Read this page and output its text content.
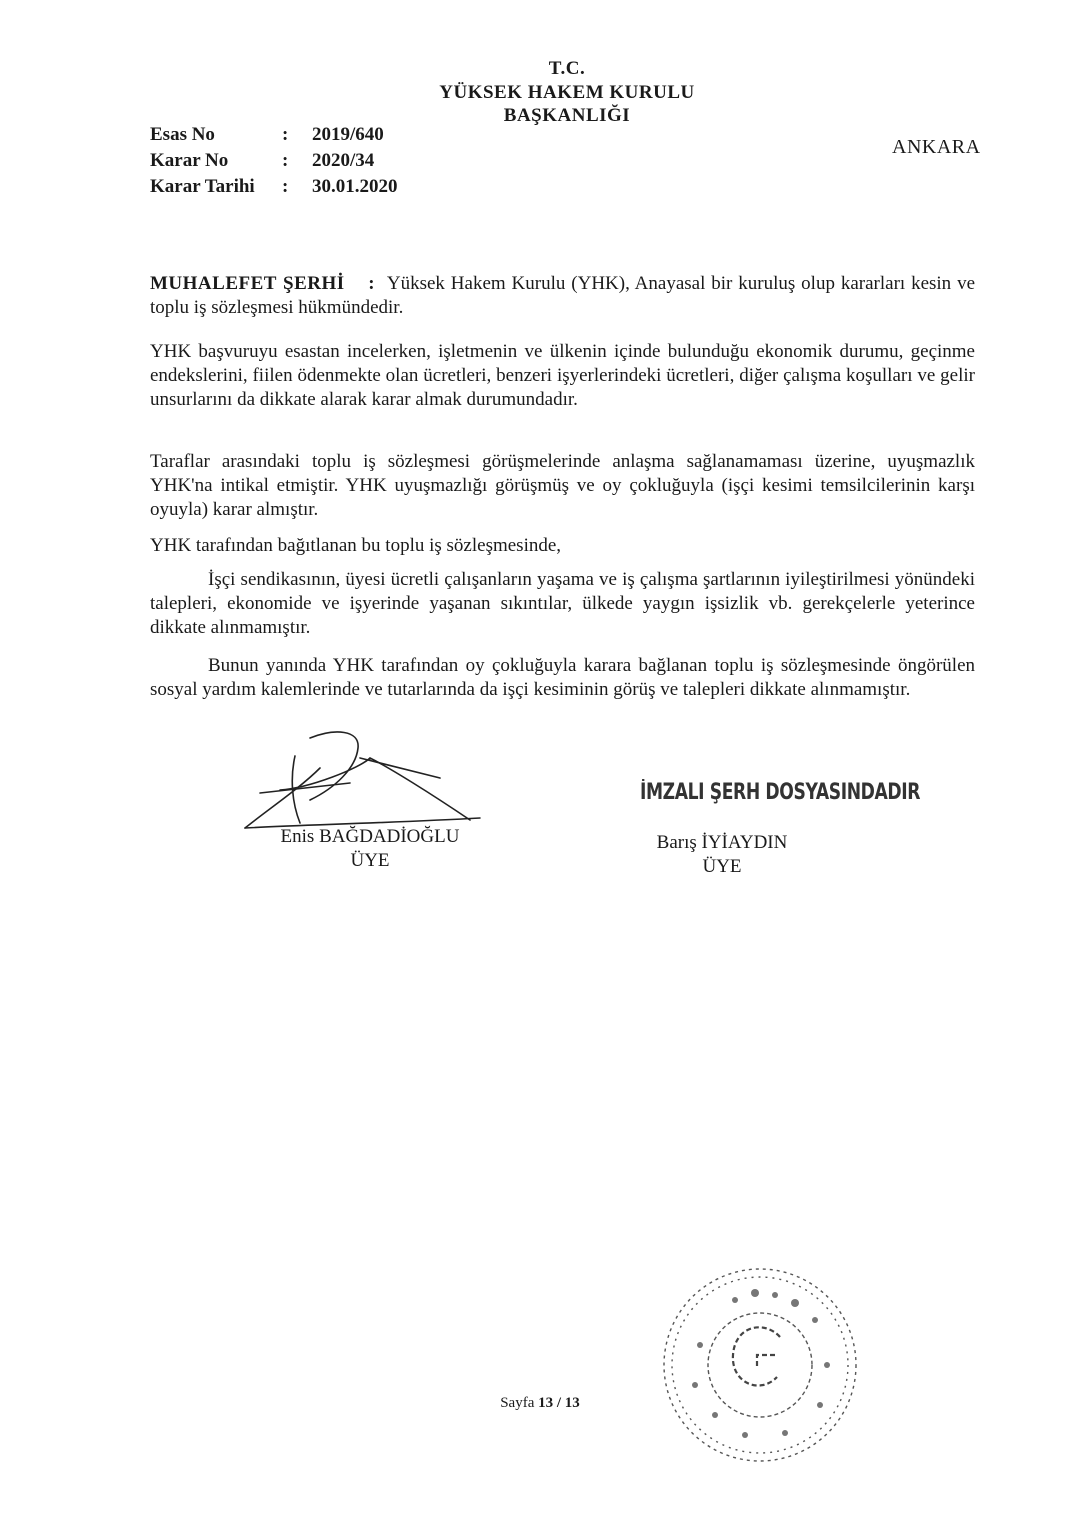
T.C.
YÜKSEK HAKEM KURULU
BAŞKANLIĞI
Esas No	: 2019/640
Karar No	: 2020/34
Karar Tarihi : 30.01.2020
ANKARA
MUHALEFET ŞERHİ : Yüksek Hakem Kurulu (YHK), Anayasal bir kuruluş olup kararları kesin ve toplu iş sözleşmesi hükmündedir.
YHK başvuruyu esastan incelerken, işletmenin ve ülkenin içinde bulunduğu ekonomik durumu, geçinme endekslerini, fiilen ödenmekte olan ücretleri, benzeri işyerlerindeki ücretleri, diğer çalışma koşulları ve gelir unsurlarını da dikkate alarak karar almak durumundadır.
Taraflar arasındaki toplu iş sözleşmesi görüşmelerinde anlaşma sağlanamaması üzerine, uyuşmazlık YHK'na intikal etmiştir. YHK uyuşmazlığı görüşmüş ve oy çokluğuyla (işçi kesimi temsilcilerinin karşı oyuyla) karar almıştır.
YHK tarafından bağıtlanan bu toplu iş sözleşmesinde,
İşçi sendikasının, üyesi ücretli çalışanların yaşama ve iş çalışma şartlarının iyileştirilmesi yönündeki talepleri, ekonomide ve işyerinde yaşanan sıkıntılar, ülkede yaygın işsizlik vb. gerekçelerle yeterince dikkate alınmamıştır.
Bunun yanında YHK tarafından oy çokluğuyla karara bağlanan toplu iş sözleşmesinde öngörülen sosyal yardım kalemlerinde ve tutarlarında da işçi kesiminin görüş ve talepleri dikkate alınmamıştır.
Enis BAĞDADİOĞLU
ÜYE
İMZALI ŞERH DOSYASINDADIR
Barış İYİAYDIN
ÜYE
Sayfa 13 / 13
